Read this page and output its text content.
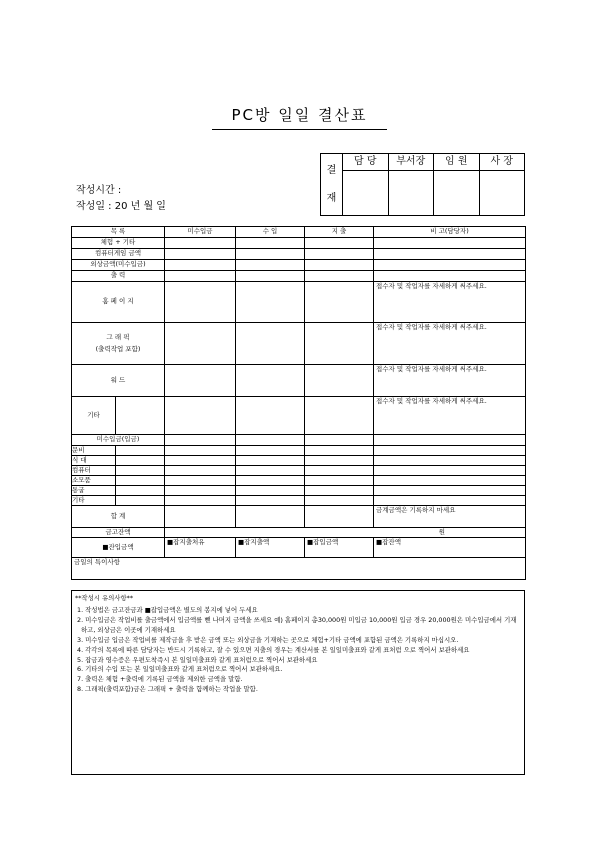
PC방 일일 결산표
작성시간 :
작성일 : 20 년 월 일
결
재	담 당	부서장	임 원	사 장

목 록		미수입금	수 입	지 출	비 고(담당자)
체험 + 기타					
컴퓨터게임 금액					
외상금액(미수입금)					
출 력					
홈 페 이 지					접수자 및 작업자를 자세하게 써주세요.

그 래 픽
(출력작업 포함)					접수자 및 작업자를 자세하게 써주세요.
워 드					접수자 및 작업자를 자세하게 써주세요.
기타					접수자 및 작업자를 자세하게 써주세요.
미수입금(입금)					
문비					
식 대					
컴퓨터					
소모품					
통굽					
기타					
합 계					금계금액은 기록하지 마세요
금고잔액		원			
■잔입금액		■잡지출처유	■잡지출액	■잡입금액	■잡잔액
금일의 특이사항					
**작성시 유의사항**

1. 작성법은 금고잔금과 ■잡입금액은 별도의 봉지에 넣어 두세요

2. 미수입금은 작업비를 출금액에서 입금액를 뺀 나머지 금액을 쓰세요 예) 홈페이지 총30,000원 미입금 10,000원 입금 경우 20,000원은 미수입금에서 기재하고, 외상금은 이곳에 기재하세요

3. 미수입금 입금은 작업비를 제작금을 후 받은 금액 또는 외상금을 기재하는 곳으로 체험+기타 금액에 포함된 금액은 기록하지 마십시오.

4. 각각의 목록에 따른 담당자는 반드시 기록하고, 잘 수 있으면 지출의 경우는 계산서를 본 일일미출표와 같게 표처럼 으로 찍어서 보관하세요

5. 잡금과 영수증은 우편도착즉시 본 일일미출표와 같게 표처럼으로 찍어서 보관하세요

6. 기타의 수입 또는 본 일일미출표와 같게 표처럼으로 찍어서 보관하세요.

7. 출력은 체험 +출력에 기록된 금액을 제외한 금액을 말함.

8. 그래픽(출력포함)금은 그래픽 + 출력을 함께하는 작업을 말함.
